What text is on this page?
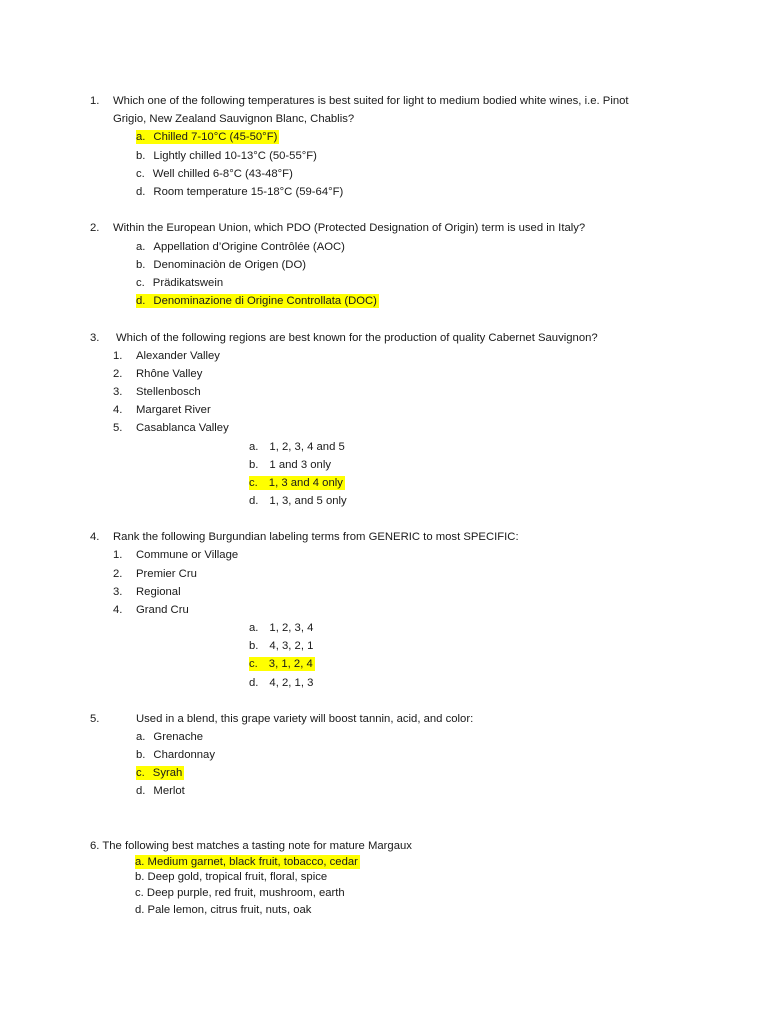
1. Which one of the following temperatures is best suited for light to medium bodied white wines, i.e. Pinot
Grigio, New Zealand Sauvignon Blanc, Chablis?
a. Chilled 7-10°C (45-50°F)
b. Lightly chilled 10-13°C (50-55°F)
c. Well chilled 6-8°C (43-48°F)
d. Room temperature 15-18°C (59-64°F)
2. Within the European Union, which PDO (Protected Designation of Origin) term is used in Italy?
a. Appellation d’Origine Contrôlée (AOC)
b. Denominaciòn de Origen (DO)
c. Prädikatswein
d. Denominazione di Origine Controllata (DOC)
3. Which of the following regions are best known for the production of quality Cabernet Sauvignon?
1. Alexander Valley
2. Rhône Valley
3. Stellenbosch
4. Margaret River
5. Casablanca Valley
a. 1, 2, 3, 4 and 5
b. 1 and 3 only
c. 1, 3 and 4 only
d. 1, 3, and 5 only
4. Rank the following Burgundian labeling terms from GENERIC to most SPECIFIC:
1. Commune or Village
2. Premier Cru
3. Regional
4. Grand Cru
a. 1, 2, 3, 4
b. 4, 3, 2, 1
c. 3, 1, 2, 4
d. 4, 2, 1, 3
5.	Used in a blend, this grape variety will boost tannin, acid, and color:
a. Grenache
b. Chardonnay
c. Syrah
d. Merlot
6. The following best matches a tasting note for mature Margaux
a. Medium garnet, black fruit, tobacco, cedar
b. Deep gold, tropical fruit, floral, spice
c. Deep purple, red fruit, mushroom, earth
d. Pale lemon, citrus fruit, nuts, oak
